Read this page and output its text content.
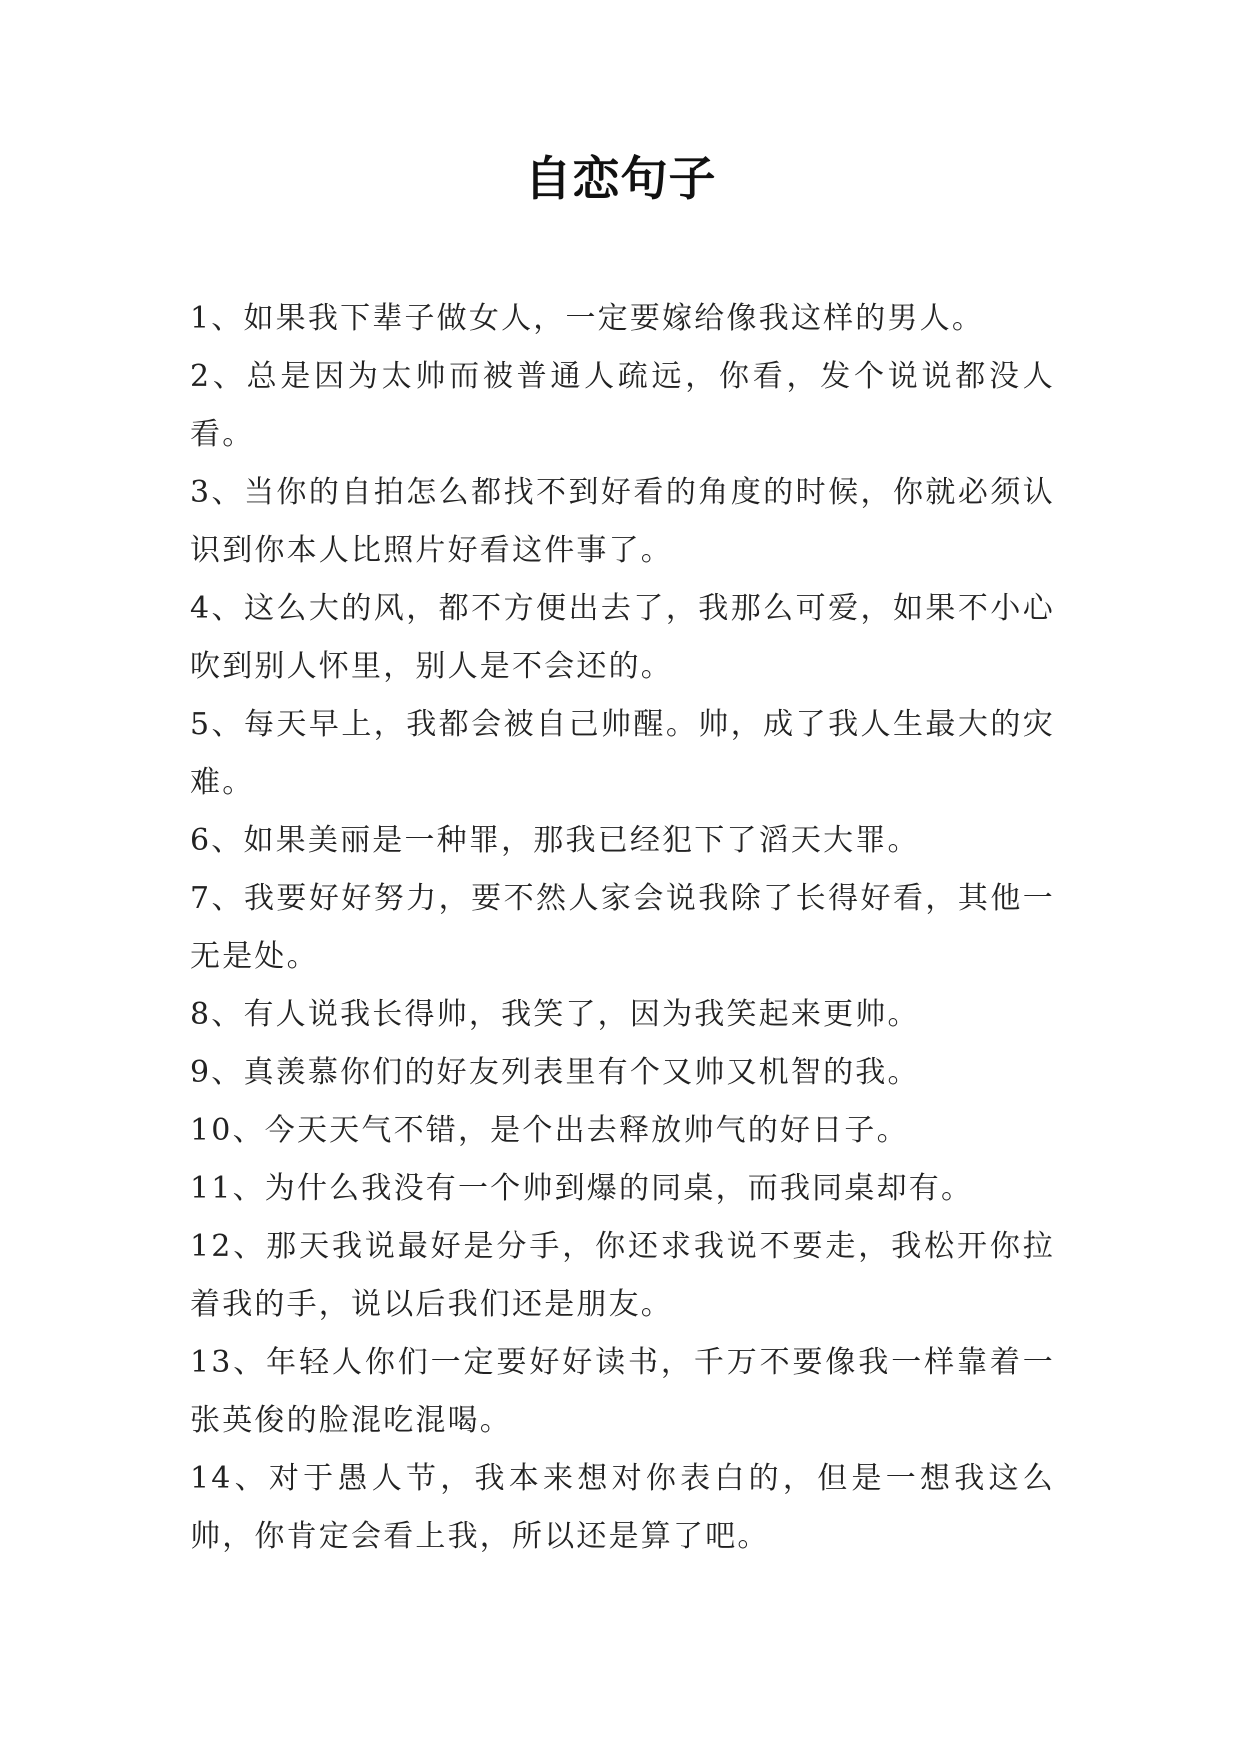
自恋句子

1、如果我下辈子做女人，一定要嫁给像我这样的男人。

2、总是因为太帅而被普通人疏远，你看，发个说说都没人看。

3、当你的自拍怎么都找不到好看的角度的时候，你就必须认识到你本人比照片好看这件事了。

4、这么大的风，都不方便出去了，我那么可爱，如果不小心吹到别人怀里，别人是不会还的。

5、每天早上，我都会被自己帅醒。帅，成了我人生最大的灾难。

6、如果美丽是一种罪，那我已经犯下了滔天大罪。

7、我要好好努力，要不然人家会说我除了长得好看，其他一无是处。

8、有人说我长得帅，我笑了，因为我笑起来更帅。

9、真羡慕你们的好友列表里有个又帅又机智的我。

10、今天天气不错，是个出去释放帅气的好日子。

11、为什么我没有一个帅到爆的同桌，而我同桌却有。

12、那天我说最好是分手，你还求我说不要走，我松开你拉着我的手，说以后我们还是朋友。

13、年轻人你们一定要好好读书，千万不要像我一样靠着一张英俊的脸混吃混喝。

14、对于愚人节，我本来想对你表白的，但是一想我这么帅，你肯定会看上我，所以还是算了吧。
